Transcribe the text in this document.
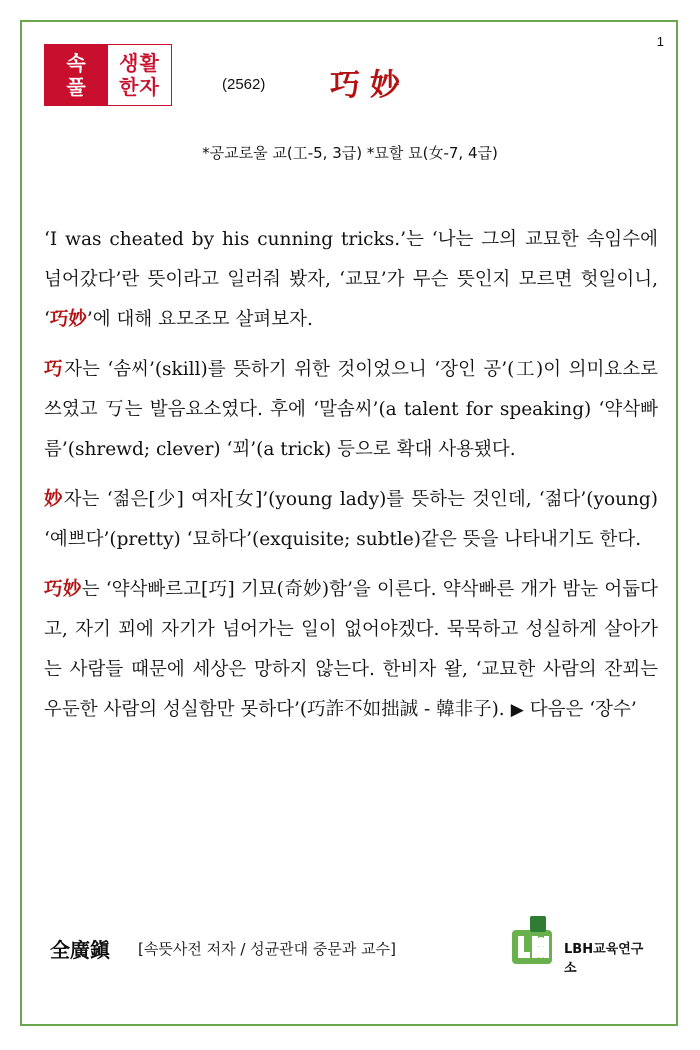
1
속
풀
생활
한자	(2562) 巧妙
*공교로울 교(工-5, 3급) *묘할 묘(女-7, 4급)

‘I was cheated by his cunning tricks.’는 ‘나는 그의 교묘한 속임수에 넘어갔다’란 뜻이라고 일러줘 봤자, ‘교묘’가 무슨 뜻인지 모르면 헛일이니, ‘巧妙’에 대해 요모조모 살펴보자.

巧자는 ‘솜씨’(skill)를 뜻하기 위한 것이었으니 ‘장인 공’(工)이 의미요소로 쓰였고 丂는 발음요소였다. 후에 ‘말솜씨’(a talent for speaking) ‘약삭빠름’(shrewd; clever) ‘꾀’(a trick) 등으로 확대 사용됐다.

妙자는 ‘젊은[少] 여자[女]’(young lady)를 뜻하는 것인데, ‘젊다’(young) ‘예쁘다’(pretty) ‘묘하다’(exquisite; subtle)같은 뜻을 나타내기도 한다.

巧妙는 ‘약삭빠르고[巧] 기묘(奇妙)함’을 이른다. 약삭빠른 개가 밤눈 어둡다고, 자기 꾀에 자기가 넘어가는 일이 없어야겠다. 묵묵하고 성실하게 살아가는 사람들 때문에 세상은 망하지 않는다. 한비자 왈, ‘교묘한 사람의 잔꾀는 우둔한 사람의 성실함만 못하다’(巧詐不如拙誠 - 韓非子). ▶ 다음은 ‘장수’

全廣鎭 [속뜻사전 저자 / 성균관대 중문과 교수]	LBH교육연구소
